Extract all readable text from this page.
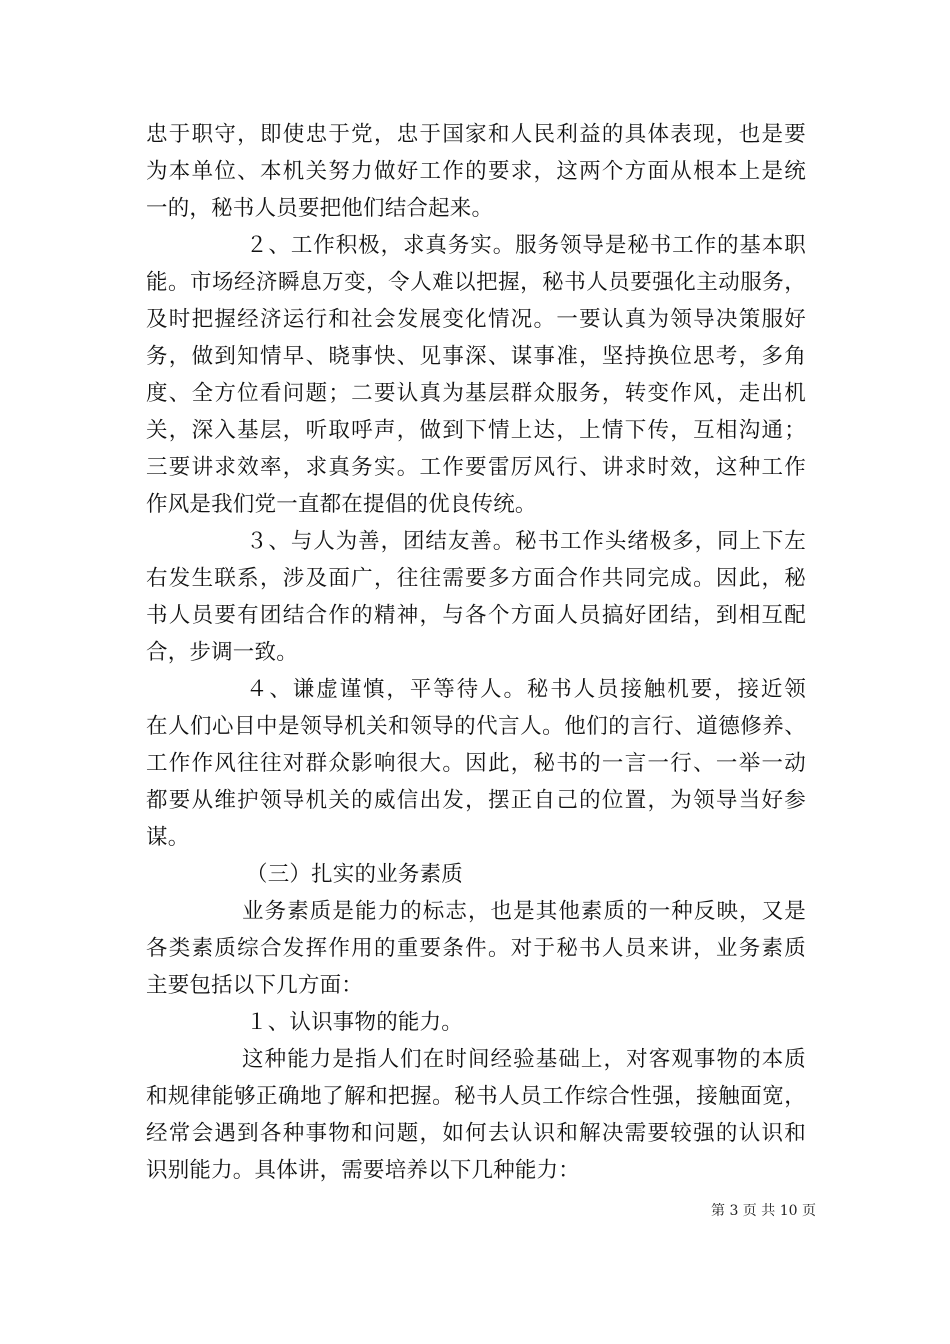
忠于职守，即使忠于党，忠于国家和人民利益的具体表现，也是要
为本单位、本机关努力做好工作的要求，这两个方面从根本上是统
一的，秘书人员要把他们结合起来。
２、工作积极，求真务实。服务领导是秘书工作的基本职
能。市场经济瞬息万变，令人难以把握，秘书人员要强化主动服务，
及时把握经济运行和社会发展变化情况。一要认真为领导决策服好
务，做到知情早、晓事快、见事深、谋事准，坚持换位思考，多角
度、全方位看问题；二要认真为基层群众服务，转变作风，走出机
关，深入基层，听取呼声，做到下情上达，上情下传，互相沟通；
三要讲求效率，求真务实。工作要雷厉风行、讲求时效，这种工作
作风是我们党一直都在提倡的优良传统。
３、与人为善，团结友善。秘书工作头绪极多，同上下左
右发生联系，涉及面广，往往需要多方面合作共同完成。因此，秘
书人员要有团结合作的精神，与各个方面人员搞好团结，到相互配
合，步调一致。
４、谦虚谨慎，平等待人。秘书人员接触机要，接近领
在人们心目中是领导机关和领导的代言人。他们的言行、道德修养、
工作作风往往对群众影响很大。因此，秘书的一言一行、一举一动
都要从维护领导机关的威信出发，摆正自己的位置，为领导当好参
谋。
（三）扎实的业务素质
业务素质是能力的标志，也是其他素质的一种反映，又是
各类素质综合发挥作用的重要条件。对于秘书人员来讲，业务素质
主要包括以下几方面：
１、认识事物的能力。
这种能力是指人们在时间经验基础上，对客观事物的本质
和规律能够正确地了解和把握。秘书人员工作综合性强，接触面宽，
经常会遇到各种事物和问题，如何去认识和解决需要较强的认识和
识别能力。具体讲，需要培养以下几种能力：
第 3 页 共 10 页
